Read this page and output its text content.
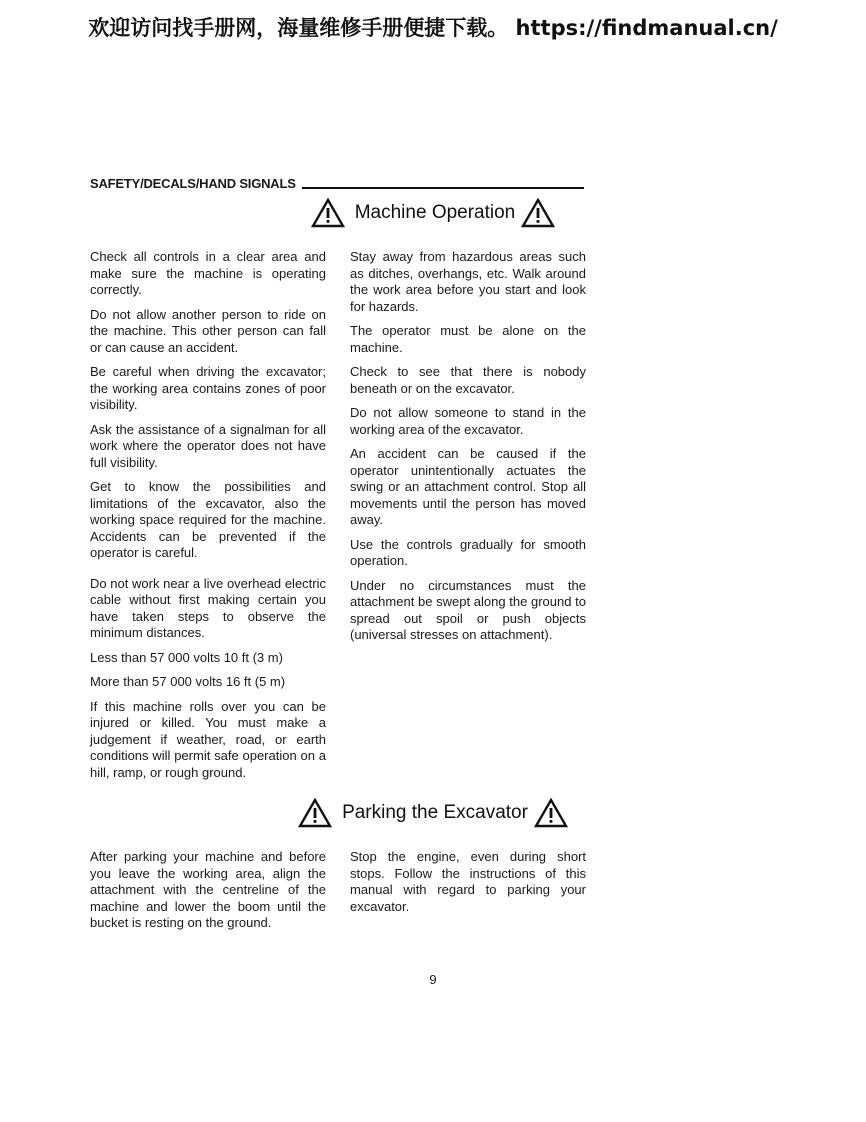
欢迎访问找手册网，海量维修手册便捷下载。 https://findmanual.cn/
SAFETY/DECALS/HAND SIGNALS
Machine Operation

Check all controls in a clear area and make sure the machine is operating correctly.

Do not allow another person to ride on the machine. This other person can fall or can cause an accident.

Be careful when driving the excavator; the working area contains zones of poor visibility.

Ask the assistance of a signalman for all work where the operator does not have full visibility.

Get to know the possibilities and limitations of the excavator, also the working space required for the machine. Accidents can be prevented if the operator is careful.

Do not work near a live overhead electric cable without first making certain you have taken steps to observe the minimum distances.

Less than 57 000 volts 10 ft (3 m)

More than 57 000 volts 16 ft (5 m)

If this machine rolls over you can be injured or killed. You must make a judgement if weather, road, or earth conditions will permit safe operation on a hill, ramp, or rough ground.

Stay away from hazardous areas such as ditches, overhangs, etc. Walk around the work area before you start and look for hazards.

The operator must be alone on the machine.

Check to see that there is nobody beneath or on the excavator.

Do not allow someone to stand in the working area of the excavator.

An accident can be caused if the operator unintentionally actuates the swing or an attachment control. Stop all movements until the person has moved away.

Use the controls gradually for smooth operation.

Under no circumstances must the attachment be swept along the ground to spread out spoil or push objects (universal stresses on attachment).

Parking the Excavator

After parking your machine and before you leave the working area, align the attachment with the centreline of the machine and lower the boom until the bucket is resting on the ground.

Stop the engine, even during short stops. Follow the instructions of this manual with regard to parking your excavator.

9
